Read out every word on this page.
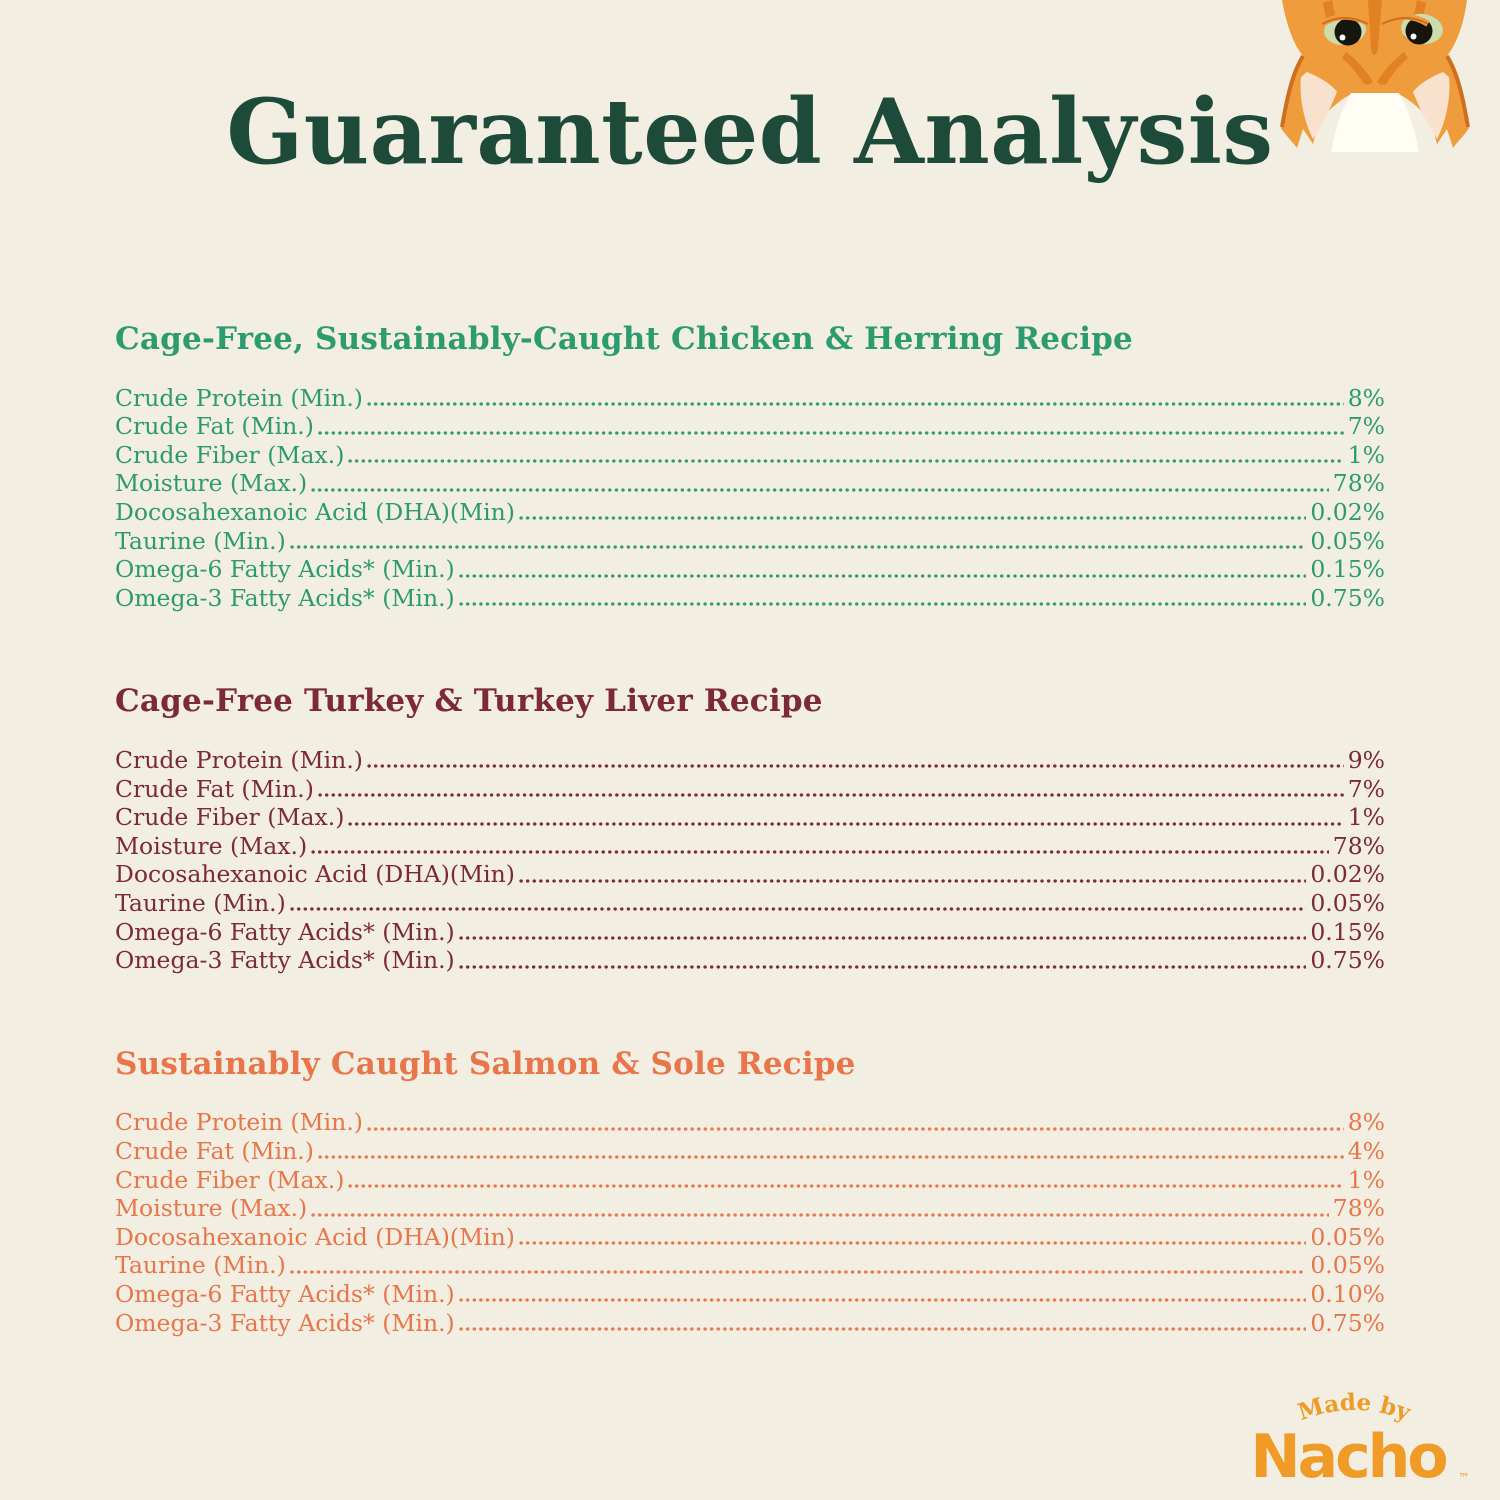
Guaranteed Analysis
Cage-Free, Sustainably-Caught Chicken & Herring Recipe
Crude Protein (Min.)	8%
Crude Fat (Min.)	7%
Crude Fiber (Max.)	1%
Moisture (Max.)	78%
Docosahexanoic Acid (DHA)(Min)	0.02%
Taurine (Min.)	0.05%
Omega-6 Fatty Acids* (Min.)	0.15%
Omega-3 Fatty Acids* (Min.)	0.75%
Cage-Free Turkey & Turkey Liver Recipe
Crude Protein (Min.)	9%
Crude Fat (Min.)	7%
Crude Fiber (Max.)	1%
Moisture (Max.)	78%
Docosahexanoic Acid (DHA)(Min)	0.02%
Taurine (Min.)	0.05%
Omega-6 Fatty Acids* (Min.)	0.15%
Omega-3 Fatty Acids* (Min.)	0.75%
Sustainably Caught Salmon & Sole Recipe
Crude Protein (Min.)	8%
Crude Fat (Min.)	4%
Crude Fiber (Max.)	1%
Moisture (Max.)	78%
Docosahexanoic Acid (DHA)(Min)	0.05%
Taurine (Min.)	0.05%
Omega-6 Fatty Acids* (Min.)	0.10%
Omega-3 Fatty Acids* (Min.)	0.75%
Made by
Nacho ™
